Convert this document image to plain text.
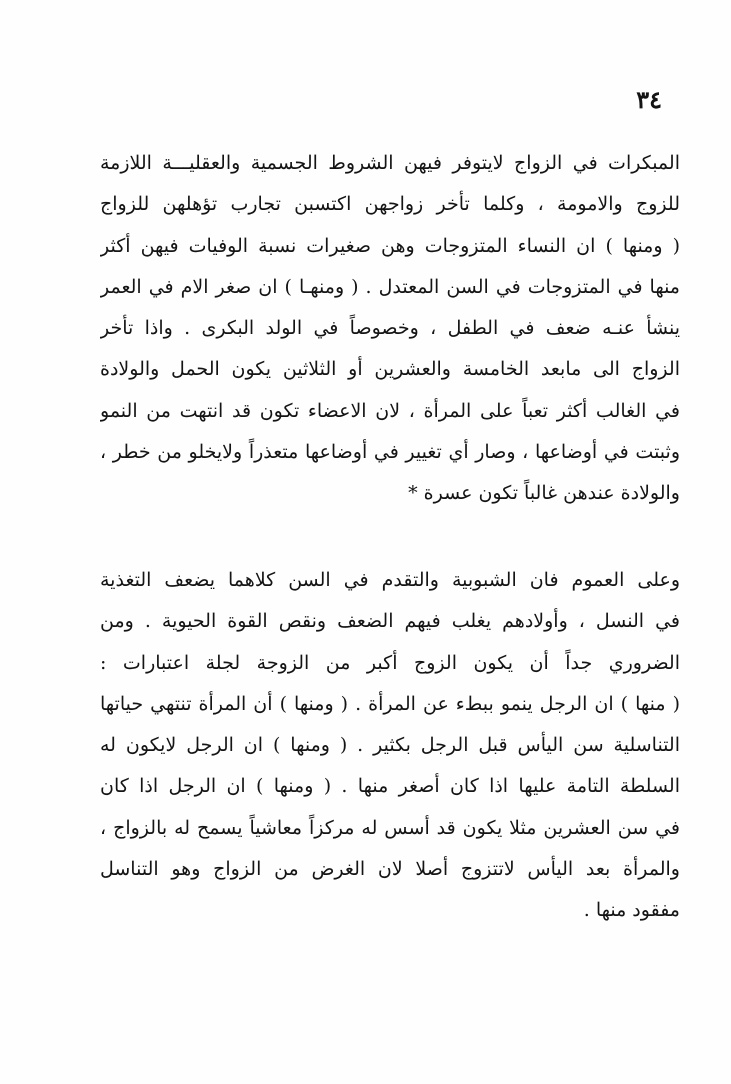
٣٤
المبكرات في الزواج لايتوفر فيهن الشروط الجسمية والعقليـــة اللازمة
للزوج والامومة ، وكلما تأخر زواجهن اكتسبن تجارب تؤهلهن للزواج
( ومنها ) ان النساء المتزوجات وهن صغيرات نسبة الوفيات فيهن أكثر
منها في المتزوجات في السن المعتدل . ( ومنهـا ) ان صغر الام في العمر
ينشأ عنـه ضعف في الطفل ، وخصوصاً في الولد البكرى . واذا تأخر
الزواج الى مابعد الخامسة والعشرين أو الثلاثين يكون الحمل والولادة
في الغالب أكثر تعباً على المرأة ، لان الاعضاء تكون قد انتهت من النمو
وثبتت في أوضاعها ، وصار أي تغيير في أوضاعها متعذراً ولايخلو من خطر ،
والولادة عندهن غالباً تكون عسرة *
وعلى العموم فان الشبوبية والتقدم في السن كلاهما يضعف التغذية
في النسل ، وأولادهم يغلب فيهم الضعف ونقص القوة الحيوية . ومن
الضروري جداً أن يكون الزوج أكبر من الزوجة لجلة اعتبارات :
( منها ) ان الرجل ينمو ببطء عن المرأة . ( ومنها ) أن المرأة تنتهي حياتها
التناسلية سن اليأس قبل الرجل بكثير . ( ومنها ) ان الرجل لايكون له
السلطة التامة عليها اذا كان أصغر منها . ( ومنها ) ان الرجل اذا كان
في سن العشرين مثلا يكون قد أسس له مركزاً معاشياً يسمح له بالزواج ،
والمرأة بعد اليأس لاتتزوج أصلا لان الغرض من الزواج وهو التناسل
مفقود منها .
